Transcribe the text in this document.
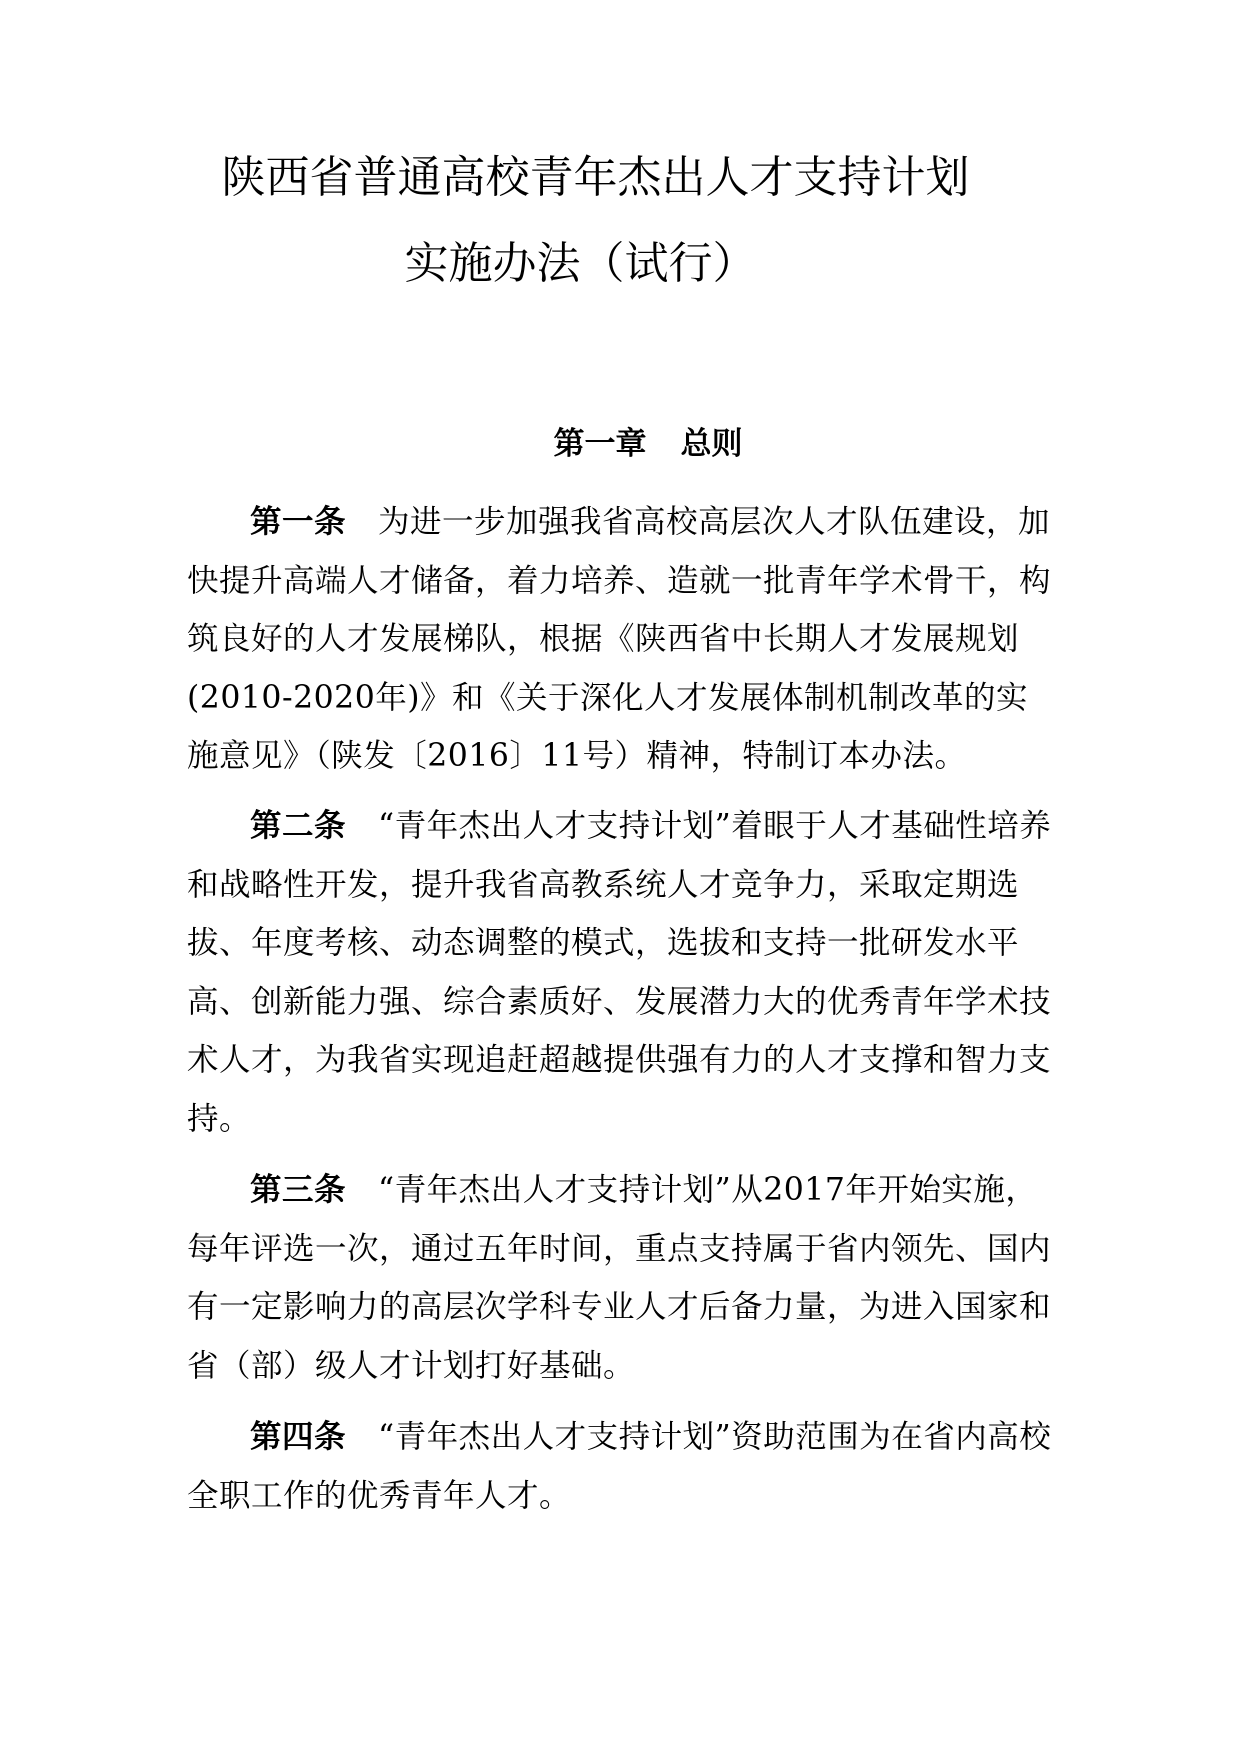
陕西省普通高校青年杰出人才支持计划
实施办法（试行）
第一章 总则

第一条 为进一步加强我省高校高层次人才队伍建设，加快提升高端人才储备，着力培养、造就一批青年学术骨干，构筑良好的人才发展梯队，根据《陕西省中长期人才发展规划(2010-2020年)》和《关于深化人才发展体制机制改革的实施意见》（陕发〔2016〕11号）精神，特制订本办法。

第二条 “青年杰出人才支持计划”着眼于人才基础性培养和战略性开发，提升我省高教系统人才竞争力，采取定期选拔、年度考核、动态调整的模式，选拔和支持一批研发水平高、创新能力强、综合素质好、发展潜力大的优秀青年学术技术人才，为我省实现追赶超越提供强有力的人才支撑和智力支持。

第三条 “青年杰出人才支持计划”从2017年开始实施，每年评选一次，通过五年时间，重点支持属于省内领先、国内有一定影响力的高层次学科专业人才后备力量，为进入国家和省（部）级人才计划打好基础。

第四条 “青年杰出人才支持计划”资助范围为在省内高校全职工作的优秀青年人才。
